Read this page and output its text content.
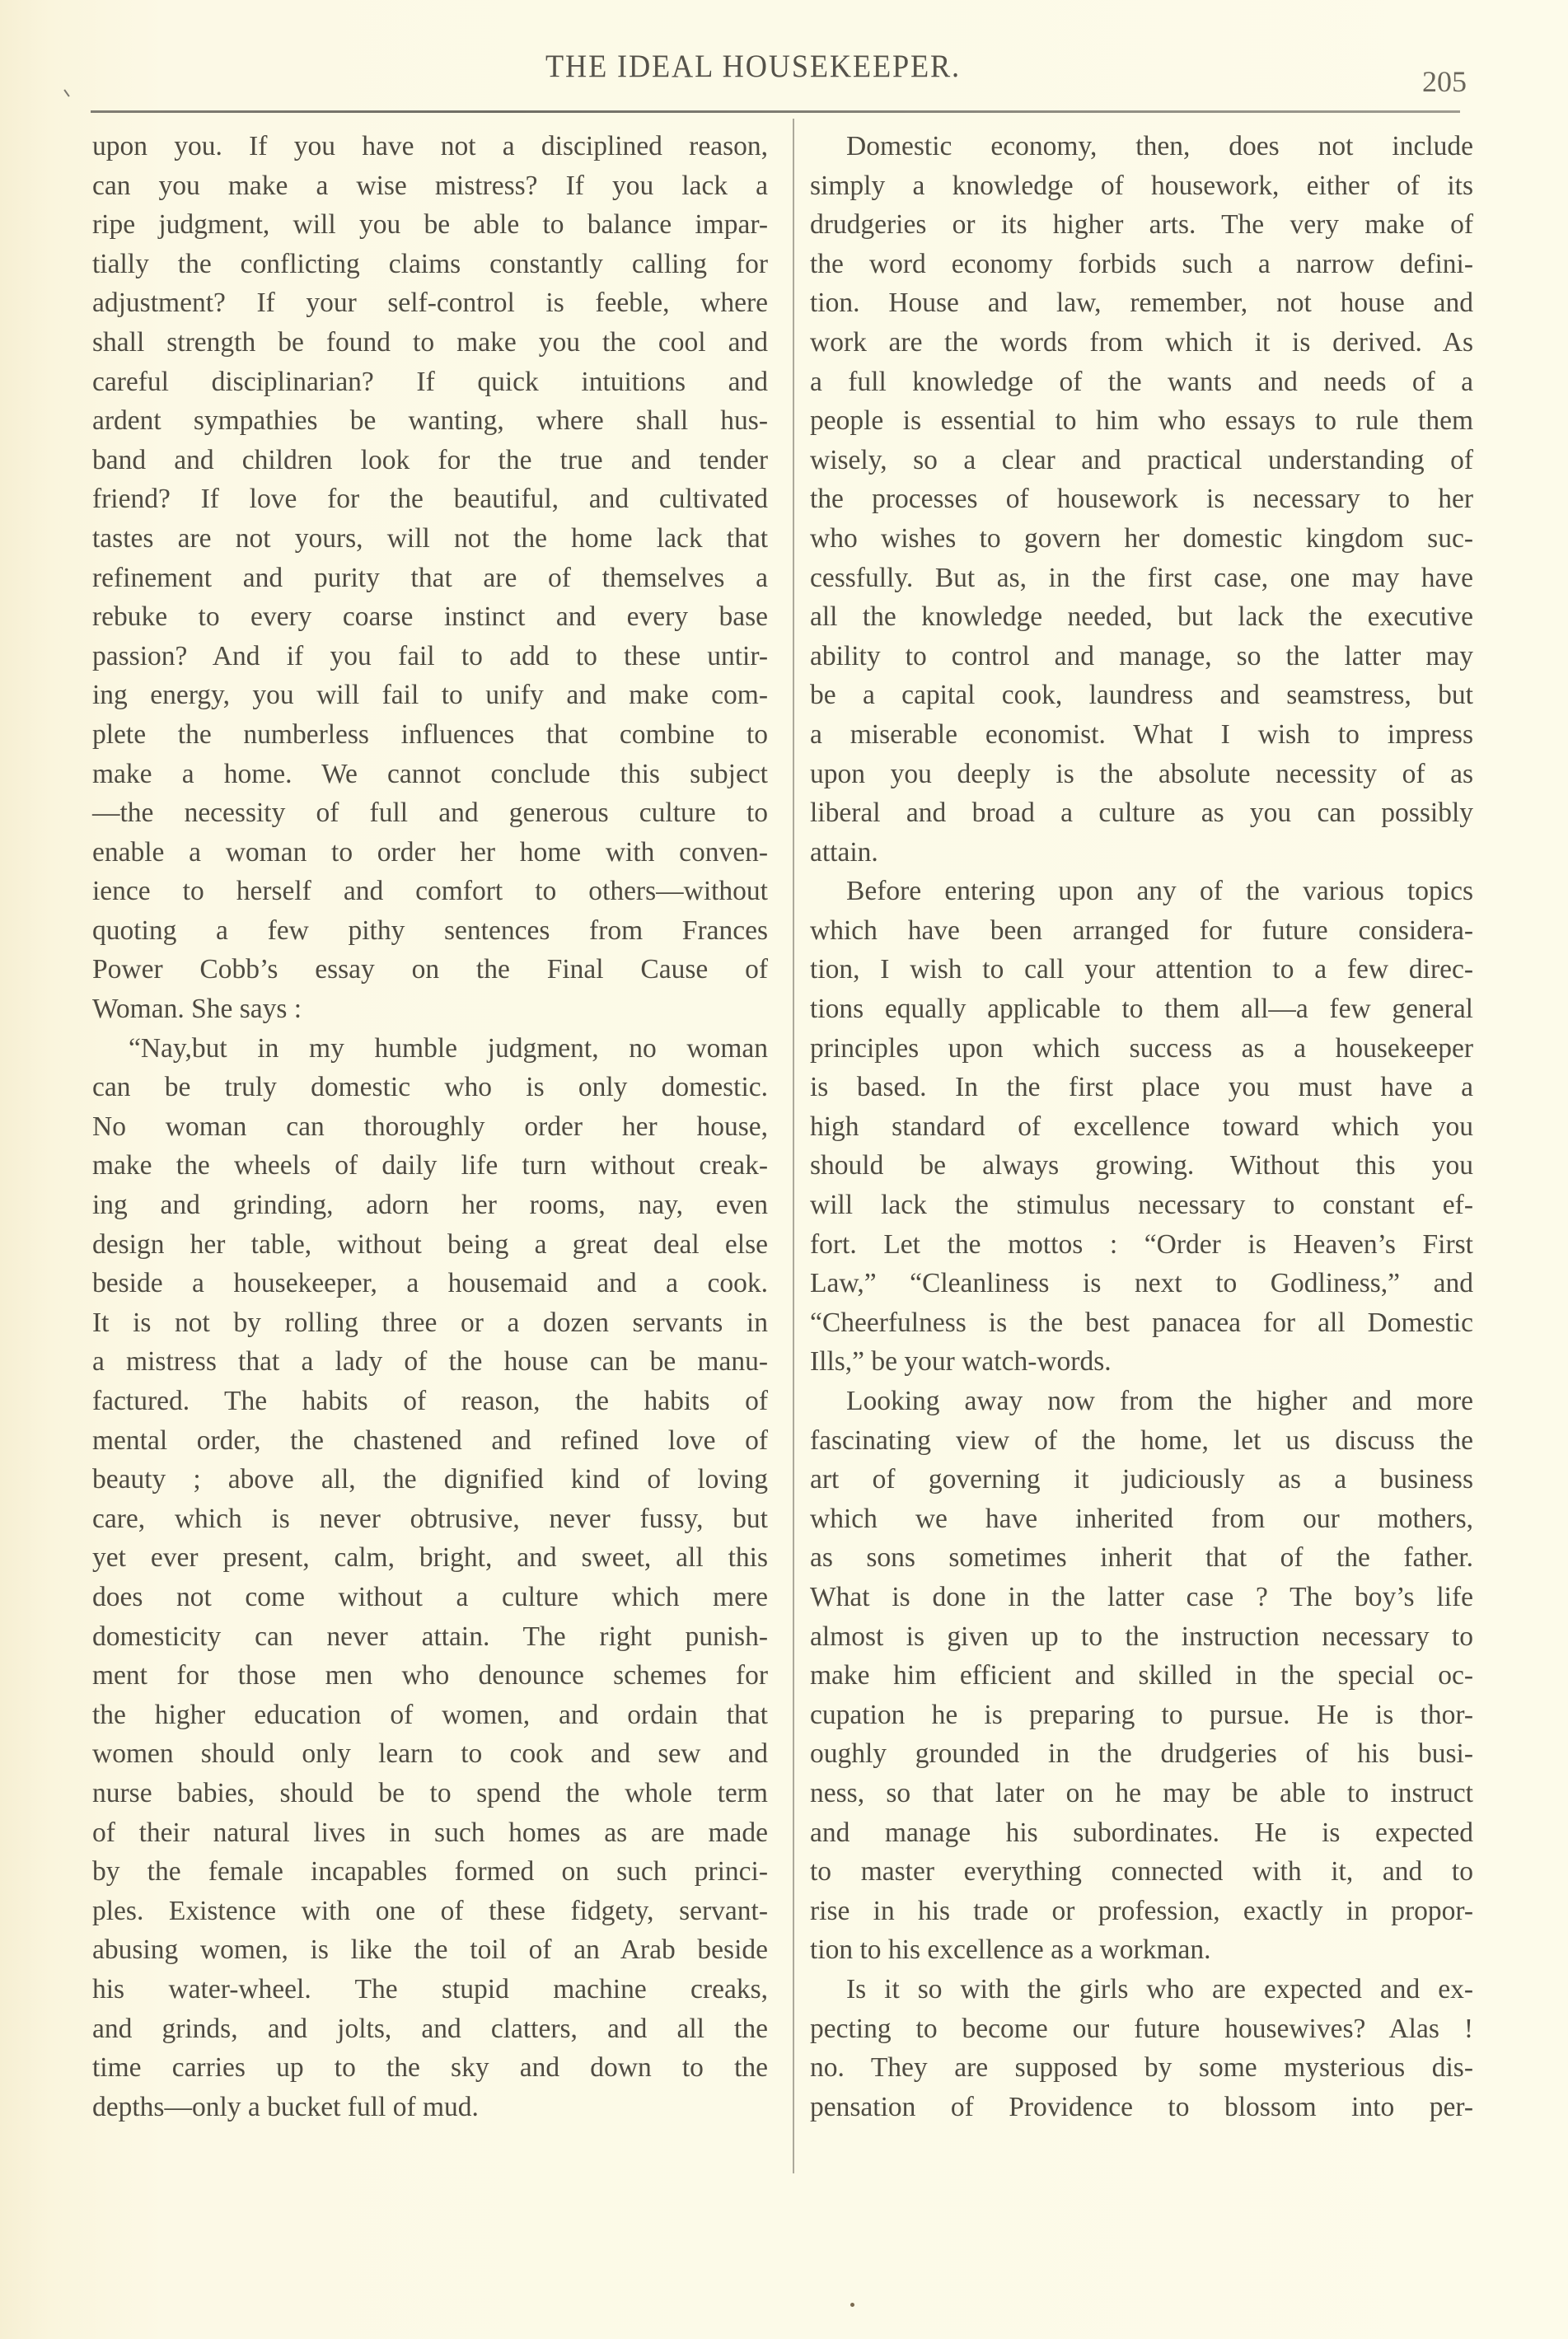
THE IDEAL HOUSEKEEPER.	205
upon you. If you have not a disciplined reason,
can you make a wise mistress? If you lack a
ripe judgment, will you be able to balance impar-
tially the conflicting claims constantly calling for
adjustment? If your self-control is feeble, where
shall strength be found to make you the cool and
careful disciplinarian? If quick intuitions and
ardent sympathies be wanting, where shall hus-
band and children look for the true and tender
friend? If love for the beautiful, and cultivated
tastes are not yours, will not the home lack that
refinement and purity that are of themselves a
rebuke to every coarse instinct and every base
passion? And if you fail to add to these untir-
ing energy, you will fail to unify and make com-
plete the numberless influences that combine to
make a home. We cannot conclude this subject
—the necessity of full and generous culture to
enable a woman to order her home with conven-
ience to herself and comfort to others—without
quoting a few pithy sentences from Frances
Power Cobb’s essay on the Final Cause of
Woman. She says :
“Nay,but in my humble judgment, no woman
can be truly domestic who is only domestic.
No woman can thoroughly order her house,
make the wheels of daily life turn without creak-
ing and grinding, adorn her rooms, nay, even
design her table, without being a great deal else
beside a housekeeper, a housemaid and a cook.
It is not by rolling three or a dozen servants in
a mistress that a lady of the house can be manu-
factured. The habits of reason, the habits of
mental order, the chastened and refined love of
beauty ; above all, the dignified kind of loving
care, which is never obtrusive, never fussy, but
yet ever present, calm, bright, and sweet, all this
does not come without a culture which mere
domesticity can never attain. The right punish-
ment for those men who denounce schemes for
the higher education of women, and ordain that
women should only learn to cook and sew and
nurse babies, should be to spend the whole term
of their natural lives in such homes as are made
by the female incapables formed on such princi-
ples. Existence with one of these fidgety, servant-
abusing women, is like the toil of an Arab beside
his water-wheel. The stupid machine creaks,
and grinds, and jolts, and clatters, and all the
time carries up to the sky and down to the
depths—only a bucket full of mud.
Domestic economy, then, does not include
simply a knowledge of housework, either of its
drudgeries or its higher arts. The very make of
the word economy forbids such a narrow defini-
tion. House and law, remember, not house and
work are the words from which it is derived. As
a full knowledge of the wants and needs of a
people is essential to him who essays to rule them
wisely, so a clear and practical understanding of
the processes of housework is necessary to her
who wishes to govern her domestic kingdom suc-
cessfully. But as, in the first case, one may have
all the knowledge needed, but lack the executive
ability to control and manage, so the latter may
be a capital cook, laundress and seamstress, but
a miserable economist. What I wish to impress
upon you deeply is the absolute necessity of as
liberal and broad a culture as you can possibly
attain.
Before entering upon any of the various topics
which have been arranged for future considera-
tion, I wish to call your attention to a few direc-
tions equally applicable to them all—a few general
principles upon which success as a housekeeper
is based. In the first place you must have a
high standard of excellence toward which you
should be always growing. Without this you
will lack the stimulus necessary to constant ef-
fort. Let the mottos : “Order is Heaven’s First
Law,” “Cleanliness is next to Godliness,” and
“Cheerfulness is the best panacea for all Domestic
Ills,” be your watch-words.
Looking away now from the higher and more
fascinating view of the home, let us discuss the
art of governing it judiciously as a business
which we have inherited from our mothers,
as sons sometimes inherit that of the father.
What is done in the latter case ? The boy’s life
almost is given up to the instruction necessary to
make him efficient and skilled in the special oc-
cupation he is preparing to pursue. He is thor-
oughly grounded in the drudgeries of his busi-
ness, so that later on he may be able to instruct
and manage his subordinates. He is expected
to master everything connected with it, and to
rise in his trade or profession, exactly in propor-
tion to his excellence as a workman.
Is it so with the girls who are expected and ex-
pecting to become our future housewives? Alas !
no. They are supposed by some mysterious dis-
pensation of Providence to blossom into per-
